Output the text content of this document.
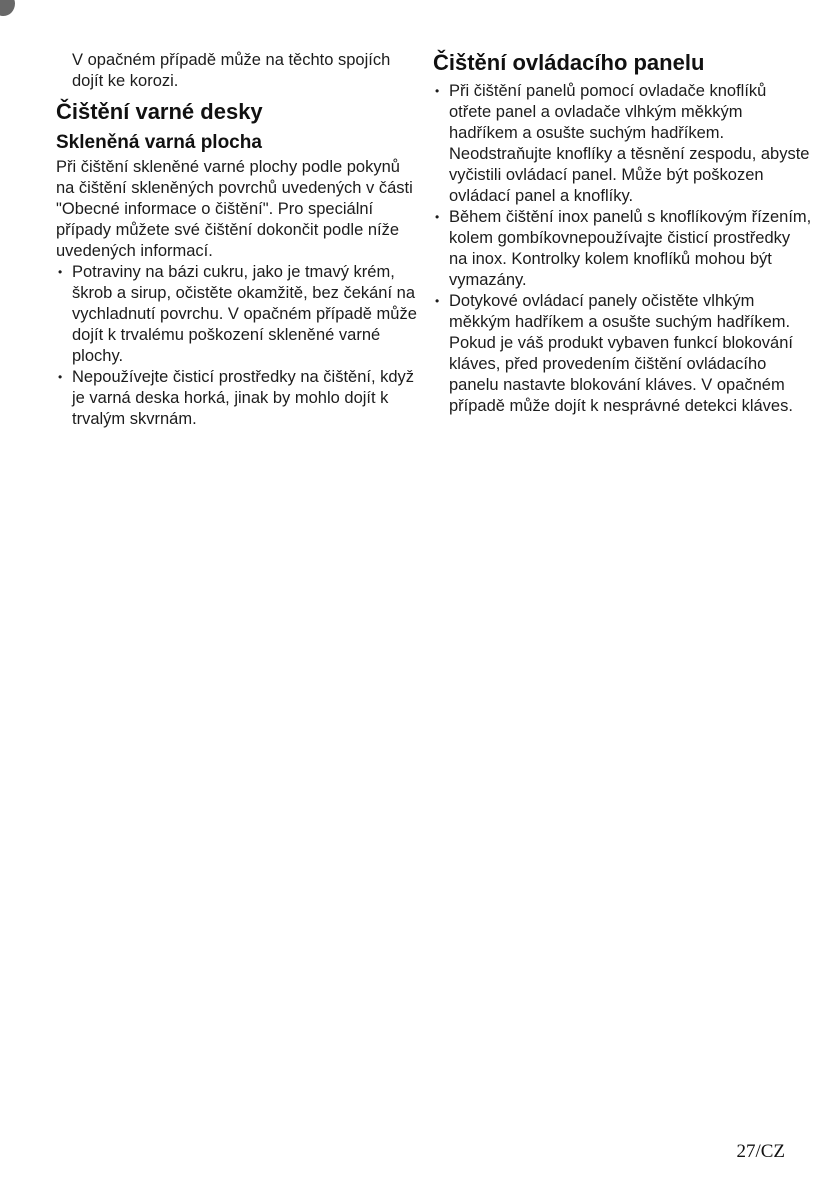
V opačném případě může na těchto spojích dojít ke korozi.

Čištění varné desky
Skleněná varná plocha

Při čištění skleněné varné plochy podle pokynů na čištění skleněných povrchů uvedených v části "Obecné informace o čištění". Pro speciální případy můžete své čištění dokončit podle níže uvedených informací.

• Potraviny na bázi cukru, jako je tmavý krém, škrob a sirup, očistěte okamžitě, bez čekání na vychladnutí povrchu. V opačném případě může dojít k trvalému poškození skleněné varné plochy.
• Nepoužívejte čisticí prostředky na čištění, když je varná deska horká, jinak by mohlo dojít k trvalým skvrnám.
Čištění ovládacího panelu
• Při čištění panelů pomocí ovladače knoflíků otřete panel a ovladače vlhkým měkkým hadříkem a osušte suchým hadříkem. Neodstraňujte knoflíky a těsnění zespodu, abyste vyčistili ovládací panel. Může být poškozen ovládací panel a knoflíky.
• Během čištění inox panelů s knoflíkovým řízením, kolem gombíkovnepoužívajte čisticí prostředky na inox. Kontrolky kolem knoflíků mohou být vymazány.
• Dotykové ovládací panely očistěte vlhkým měkkým hadříkem a osušte suchým hadříkem. Pokud je váš produkt vybaven funkcí blokování kláves, před provedením čištění ovládacího panelu nastavte blokování kláves. V opačném případě může dojít k nesprávné detekci kláves.
27/CZ
